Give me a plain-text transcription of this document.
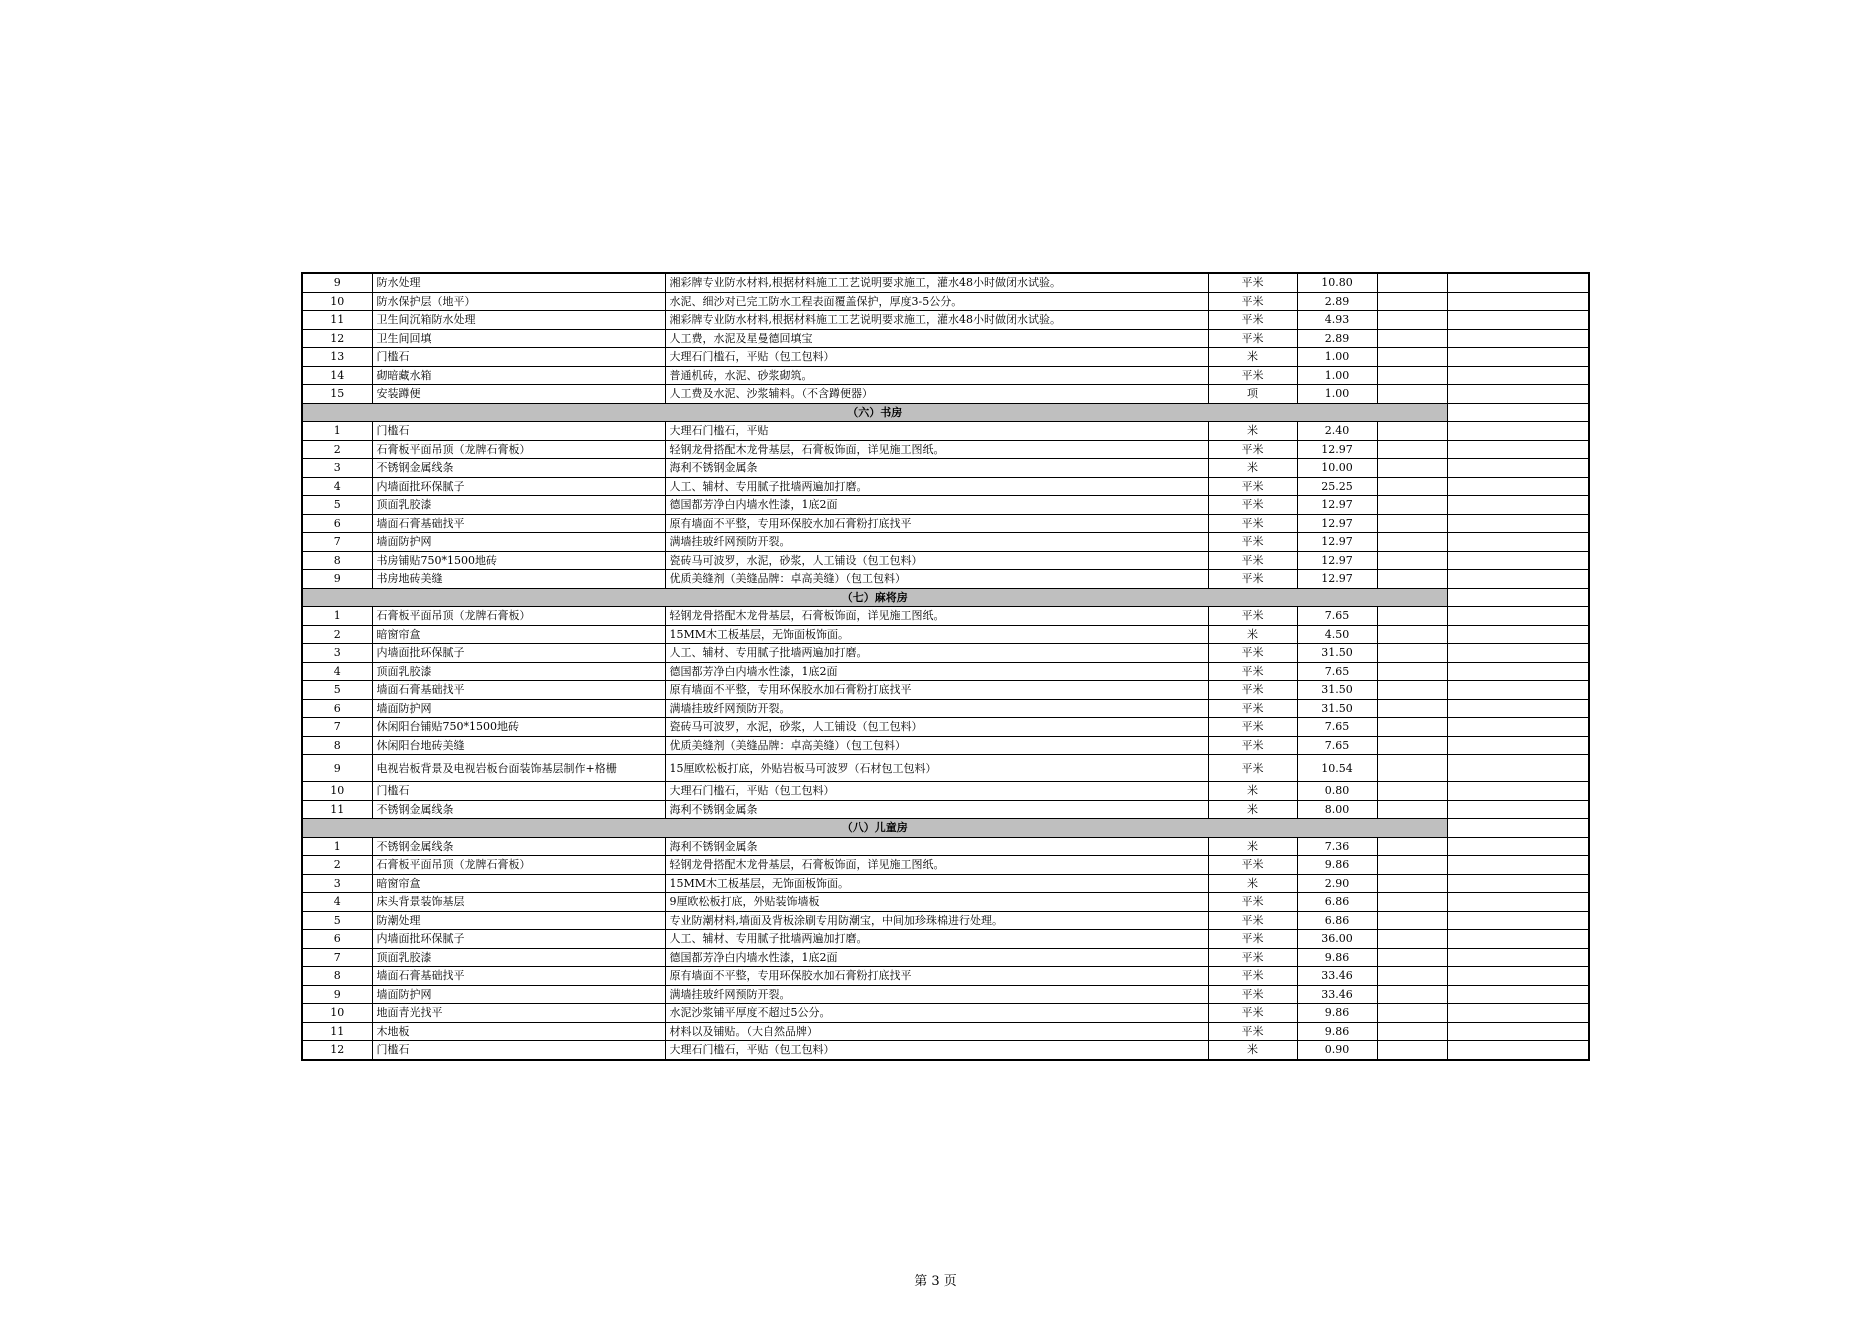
9	防水处理	湘彩牌专业防水材料,根据材料施工工艺说明要求施工，灌水48小时做闭水试验。	平米	10.80		
10	防水保护层（地平）	水泥、细沙对已完工防水工程表面覆盖保护，厚度3-5公分。	平米	2.89		
11	卫生间沉箱防水处理	湘彩牌专业防水材料,根据材料施工工艺说明要求施工，灌水48小时做闭水试验。	平米	4.93		
12	卫生间回填	人工费，水泥及星曼德回填宝	平米	2.89		
13	门槛石	大理石门槛石，平贴（包工包料）	米	1.00		
14	砌暗藏水箱	普通机砖，水泥、砂浆砌筑。	平米	1.00		
15	安装蹲便	人工费及水泥、沙浆辅料。（不含蹲便器）	项	1.00		
（六）书房						
1	门槛石	大理石门槛石，平贴	米	2.40		
2	石膏板平面吊顶（龙牌石膏板）	轻钢龙骨搭配木龙骨基层，石膏板饰面，详见施工图纸。	平米	12.97		
3	不锈钢金属线条	海利不锈钢金属条	米	10.00		
4	内墙面批环保腻子	人工、辅材、专用腻子批墙两遍加打磨。	平米	25.25		
5	顶面乳胶漆	德国都芳净白内墙水性漆，1底2面	平米	12.97		
6	墙面石膏基础找平	原有墙面不平整，专用环保胶水加石膏粉打底找平	平米	12.97		
7	墙面防护网	满墙挂玻纤网预防开裂。	平米	12.97		
8	书房铺贴750*1500地砖	瓷砖马可波罗，水泥，砂浆，人工铺设（包工包料）	平米	12.97		
9	书房地砖美缝	优质美缝剂（美缝品牌：卓高美缝）（包工包料）	平米	12.97		
（七）麻将房						
1	石膏板平面吊顶（龙牌石膏板）	轻钢龙骨搭配木龙骨基层，石膏板饰面，详见施工图纸。	平米	7.65		
2	暗窗帘盒	15MM木工板基层，无饰面板饰面。	米	4.50		
3	内墙面批环保腻子	人工、辅材、专用腻子批墙两遍加打磨。	平米	31.50		
4	顶面乳胶漆	德国都芳净白内墙水性漆，1底2面	平米	7.65		
5	墙面石膏基础找平	原有墙面不平整，专用环保胶水加石膏粉打底找平	平米	31.50		
6	墙面防护网	满墙挂玻纤网预防开裂。	平米	31.50		
7	休闲阳台铺贴750*1500地砖	瓷砖马可波罗，水泥，砂浆，人工铺设（包工包料）	平米	7.65		
8	休闲阳台地砖美缝	优质美缝剂（美缝品牌：卓高美缝）（包工包料）	平米	7.65		
9	电视岩板背景及电视岩板台面装饰基层制作+格栅	15厘欧松板打底，外贴岩板马可波罗（石材包工包料）	平米	10.54		
10	门槛石	大理石门槛石，平贴（包工包料）	米	0.80		
11	不锈钢金属线条	海利不锈钢金属条	米	8.00		
（八）儿童房						
1	不锈钢金属线条	海利不锈钢金属条	米	7.36		
2	石膏板平面吊顶（龙牌石膏板）	轻钢龙骨搭配木龙骨基层，石膏板饰面，详见施工图纸。	平米	9.86		
3	暗窗帘盒	15MM木工板基层，无饰面板饰面。	米	2.90		
4	床头背景装饰基层	9厘欧松板打底，外贴装饰墙板	平米	6.86		
5	防潮处理	专业防潮材料,墙面及背板涂刷专用防潮宝，中间加珍珠棉进行处理。	平米	6.86		
6	内墙面批环保腻子	人工、辅材、专用腻子批墙两遍加打磨。	平米	36.00		
7	顶面乳胶漆	德国都芳净白内墙水性漆，1底2面	平米	9.86		
8	墙面石膏基础找平	原有墙面不平整，专用环保胶水加石膏粉打底找平	平米	33.46		
9	墙面防护网	满墙挂玻纤网预防开裂。	平米	33.46		
10	地面青光找平	水泥沙浆铺平厚度不超过5公分。	平米	9.86		
11	木地板	材料以及铺贴。（大自然品牌）	平米	9.86		
12	门槛石	大理石门槛石，平贴（包工包料）	米	0.90		
第 3 页
